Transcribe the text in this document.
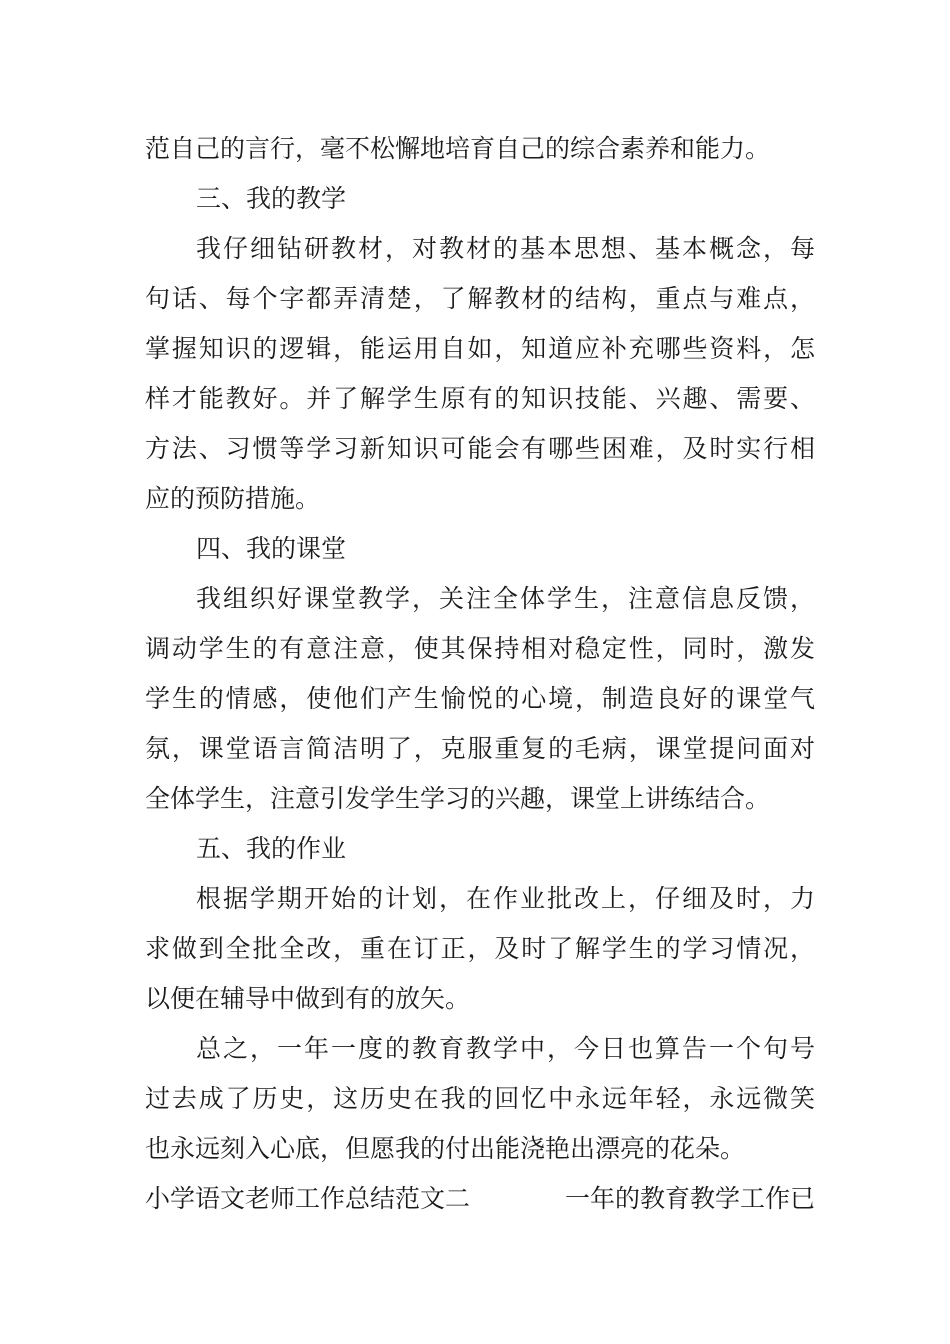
范自己的言行，毫不松懈地培育自己的综合素养和能力。
三、我的教学
我仔细钻研教材，对教材的基本思想、基本概念，每
句话、每个字都弄清楚，了解教材的结构，重点与难点，
掌握知识的逻辑，能运用自如，知道应补充哪些资料，怎
样才能教好。并了解学生原有的知识技能、兴趣、需要、
方法、习惯等学习新知识可能会有哪些困难，及时实行相
应的预防措施。
四、我的课堂
我组织好课堂教学，关注全体学生，注意信息反馈，
调动学生的有意注意，使其保持相对稳定性，同时，激发
学生的情感，使他们产生愉悦的心境，制造良好的课堂气
氛，课堂语言简洁明了，克服重复的毛病，课堂提问面对
全体学生，注意引发学生学习的兴趣，课堂上讲练结合。
五、我的作业
根据学期开始的计划，在作业批改上，仔细及时，力
求做到全批全改，重在订正，及时了解学生的学习情况，
以便在辅导中做到有的放矢。
总之，一年一度的教育教学中，今日也算告一个句号
过去成了历史，这历史在我的回忆中永远年轻，永远微笑
也永远刻入心底，但愿我的付出能浇艳出漂亮的花朵。
小学语文老师工作总结范文二	一年的教育教学工作已
